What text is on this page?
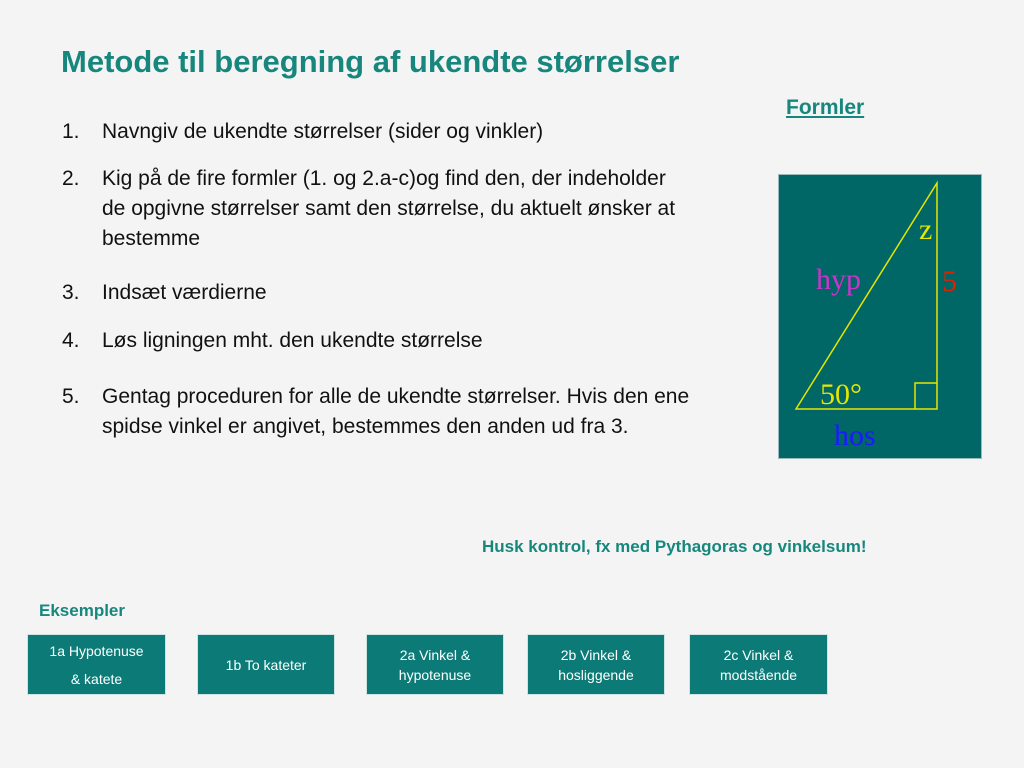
Metode til beregning af ukendte størrelser
Formler
1. Navngiv de ukendte størrelser (sider og vinkler)
2. Kig på de fire formler (1. og 2.a-c)og find den, der indeholder de opgivne størrelser samt den størrelse, du aktuelt ønsker at bestemme
3. Indsæt værdierne
4. Løs ligningen mht. den ukendte størrelse
5. Gentag proceduren for alle de ukendte størrelser. Hvis den ene spidse vinkel er angivet, bestemmes den anden ud fra 3.
z
hyp	5
50°
hos
Husk kontrol, fx med Pythagoras og vinkelsum!
Eksempler
1a Hypotenuse
& katete
1b To kateter
2a Vinkel &
hypotenuse
2b Vinkel &
hosliggende
2c Vinkel &
modstående
